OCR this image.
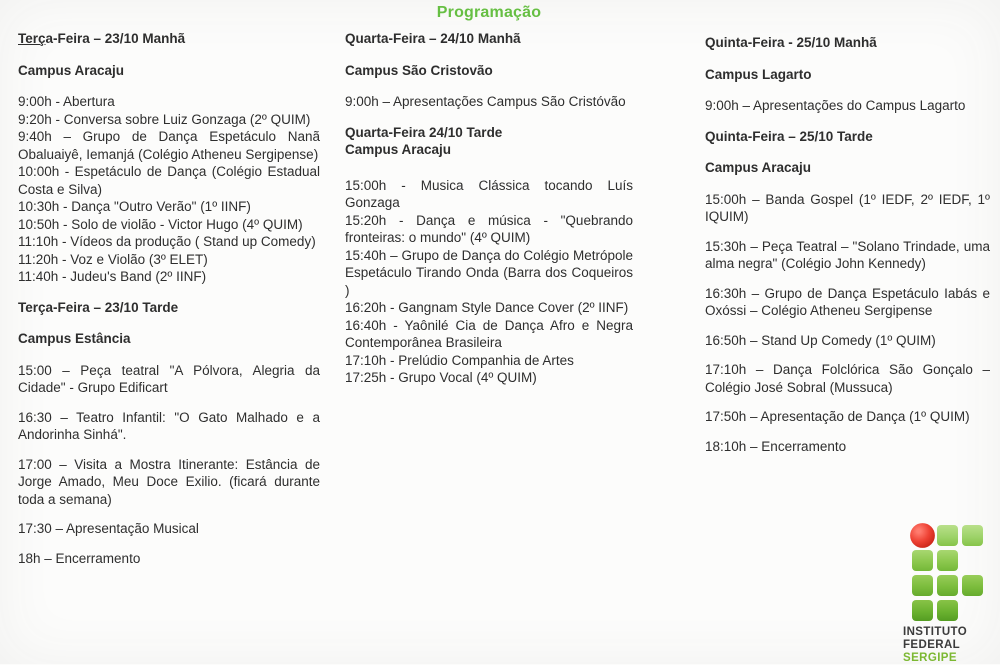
Programação

Terça-Feira – 23/10 Manhã

Campus Aracaju

9:00h - Abertura

9:20h - Conversa sobre Luiz Gonzaga (2º QUIM)

9:40h – Grupo de Dança Espetáculo Nanã Obaluaiyê, Iemanjá (Colégio Atheneu Sergipense)

10:00h - Espetáculo de Dança (Colégio Estadual Costa e Silva)

10:30h - Dança "Outro Verão" (1º IINF)

10:50h - Solo de violão - Victor Hugo (4º QUIM)

11:10h - Vídeos da produção ( Stand up Comedy)

11:20h - Voz e Violão (3º ELET)

11:40h - Judeu's Band (2º IINF)

Terça-Feira – 23/10 Tarde

Campus Estância

15:00 – Peça teatral "A Pólvora, Alegria da Cidade" - Grupo Edificart

16:30 – Teatro Infantil: "O Gato Malhado e a Andorinha Sinhá".

17:00 – Visita a Mostra Itinerante: Estância de Jorge Amado, Meu Doce Exilio. (ficará durante toda a semana)

17:30 – Apresentação Musical

18h – Encerramento

Quarta-Feira – 24/10 Manhã

Campus São Cristovão

9:00h – Apresentações Campus São Cristóvão

Quarta-Feira 24/10 Tarde

Campus Aracaju

15:00h - Musica Clássica tocando Luís Gonzaga

15:20h - Dança e música - "Quebrando fronteiras: o mundo" (4º QUIM)

15:40h – Grupo de Dança do Colégio Metrópole Espetáculo Tirando Onda (Barra dos Coqueiros )

16:20h - Gangnam Style Dance Cover (2º IINF)

16:40h - Yaônilé Cia de Dança Afro e Negra Contemporânea Brasileira

17:10h - Prelúdio Companhia de Artes

17:25h - Grupo Vocal (4º QUIM)

Quinta-Feira - 25/10 Manhã

Campus Lagarto

9:00h – Apresentações do Campus Lagarto

Quinta-Feira – 25/10 Tarde

Campus Aracaju

15:00h – Banda Gospel (1º IEDF, 2º IEDF, 1º IQUIM)

15:30h – Peça Teatral – "Solano Trindade, uma alma negra" (Colégio John Kennedy)

16:30h – Grupo de Dança Espetáculo Iabás e Oxóssi – Colégio Atheneu Sergipense

16:50h – Stand Up Comedy (1º QUIM)

17:10h – Dança Folclórica São Gonçalo – Colégio José Sobral (Mussuca)

17:50h – Apresentação de Dança (1º QUIM)

18:10h – Encerramento

INSTITUTO
FEDERAL
SERGIPE
